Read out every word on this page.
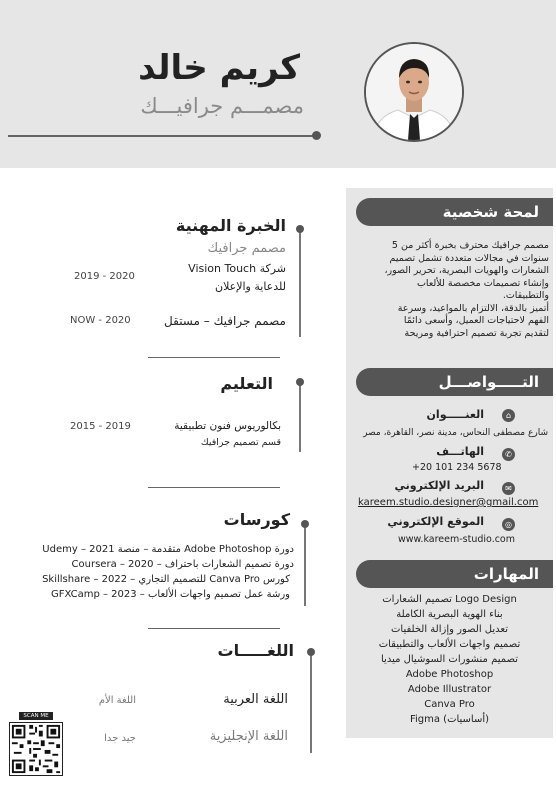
كريم خالد
مصمـــم جرافيـــك
لمحة شخصية
مصمم جرافيك محترف بخبرة أكثر من 5
سنوات في مجالات متعددة تشمل تصميم
الشعارات والهويات البصرية، تحرير الصور،
وإنشاء تصميمات مخصصة للألعاب
والتطبيقات.
أتميز بالدقة، الالتزام بالمواعيد، وسرعة
الفهم لاحتياجات العميل، وأسعى دائمًا
لتقديم تجربة تصميم احترافية ومريحة
التـــــواصـــل
⌂
العنـــــوان
شارع مصطفى النحاس، مدينة نصر، القاهرة، مصر
✆
الهاتـــف
+20 101 234 5678
✉
البريد الإلكتروني
kareem.studio.designer@gmail.com
◎
الموقع الإلكتروني
www.kareem-studio.com
المهارات
تصميم الشعارات Logo Design
بناء الهوية البصرية الكاملة
تعديل الصور وإزالة الخلفيات
تصميم واجهات الألعاب والتطبيقات
تصميم منشورات السوشيال ميديا
Adobe Photoshop
Adobe Illustrator
Canva Pro
Figma (أساسيات)
الخبرة المهنية
مصمم جرافيك
شركة Vision Touch
للدعاية والإعلان
2019 - 2020
مصمم جرافيك – مستقل
NOW - 2020
التعليم
بكالوريوس فنون تطبيقية
قسم تصميم جرافيك
2015 - 2019
كورسات
دورة Adobe Photoshop متقدمة – منصة Udemy – 2021
دورة تصميم الشعارات باحتراف – Coursera – 2020
كورس Canva Pro للتصميم التجاري – Skillshare – 2022
ورشة عمل تصميم واجهات الألعاب – GFXCamp – 2023
اللغـــــات
اللغة العربية
اللغة الأم
اللغة الإنجليزية
جيد جدا
SCAN ME
